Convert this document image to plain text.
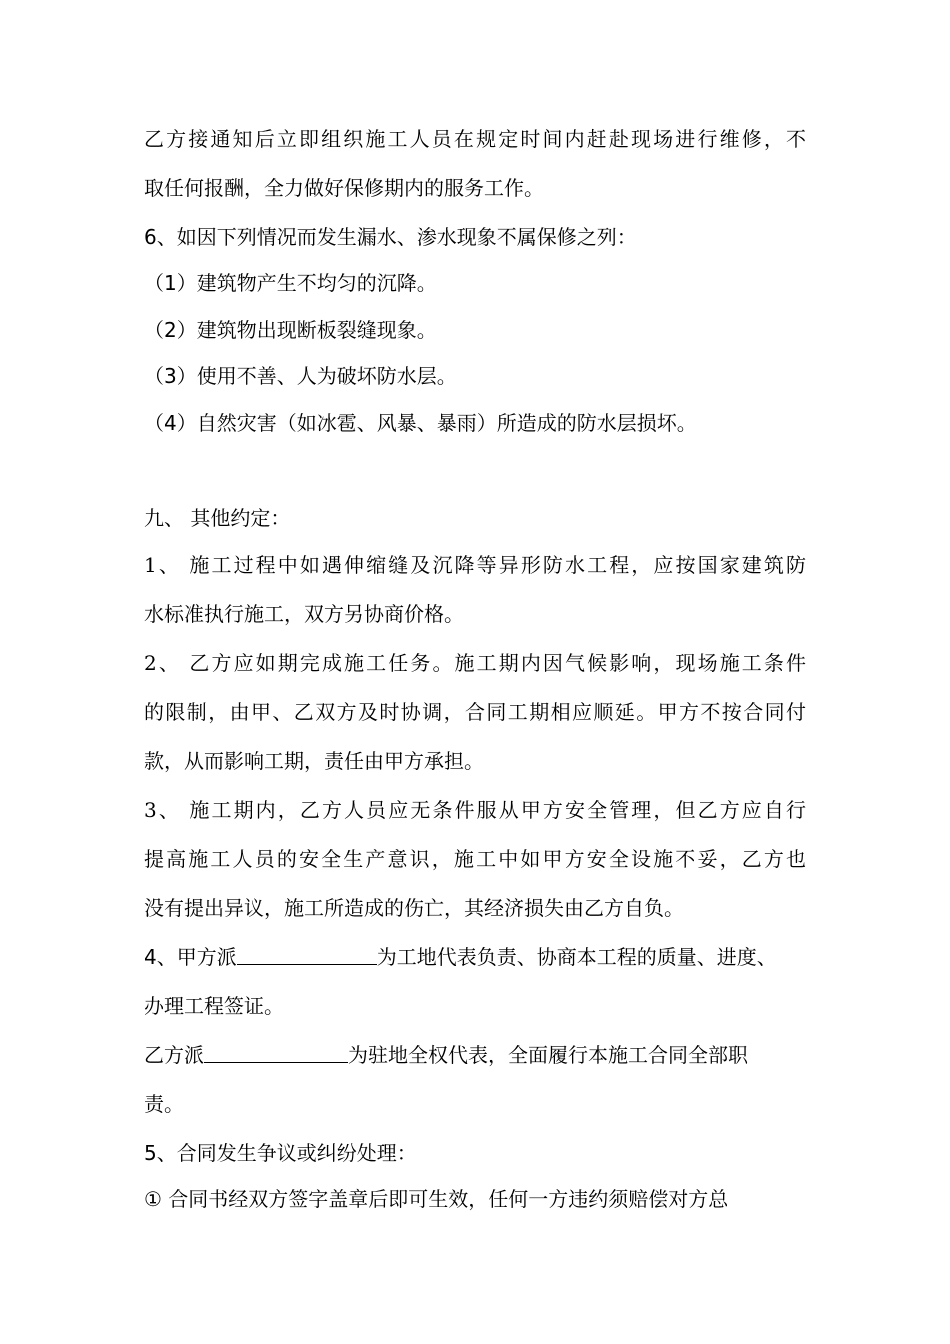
乙方接通知后立即组织施工人员在规定时间内赶赴现场进行维修，不
取任何报酬，全力做好保修期内的服务工作。
6、如因下列情况而发生漏水、渗水现象不属保修之列：
（1）建筑物产生不均匀的沉降。
（2）建筑物出现断板裂缝现象。
（3）使用不善、人为破坏防水层。
（4）自然灾害（如冰雹、风暴、暴雨）所造成的防水层损坏。
九、 其他约定：
1、 施工过程中如遇伸缩缝及沉降等异形防水工程，应按国家建筑防
水标准执行施工，双方另协商价格。
2、 乙方应如期完成施工任务。施工期内因气候影响，现场施工条件
的限制，由甲、乙双方及时协调，合同工期相应顺延。甲方不按合同付
款，从而影响工期，责任由甲方承担。
3、 施工期内，乙方人员应无条件服从甲方安全管理，但乙方应自行
提高施工人员的安全生产意识，施工中如甲方安全设施不妥，乙方也
没有提出异议，施工所造成的伤亡，其经济损失由乙方自负。
4、甲方派	为工地代表负责、协商本工程的质量、进度、
办理工程签证。
乙方派	为驻地全权代表，全面履行本施工合同全部职
责。
5、合同发生争议或纠纷处理：
① 合同书经双方签字盖章后即可生效，任何一方违约须赔偿对方总
